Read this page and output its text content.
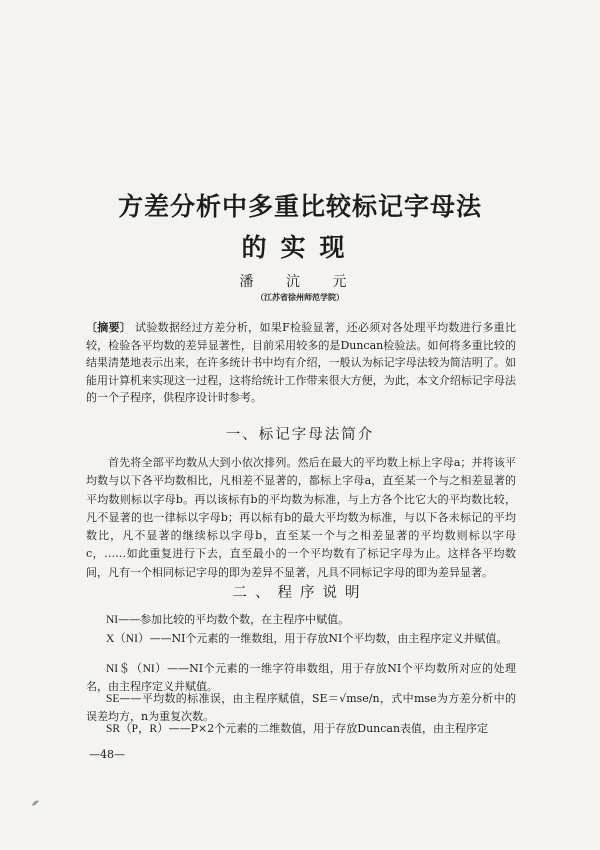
方差分析中多重比较标记字母法
的实现
潘 沆 元
（江苏省徐州师范学院）

〔摘要〕 试验数据经过方差分析，如果F检验显著，还必须对各处理平均数进行多重比较，检验各平均数的差异显著性，目前采用较多的是Duncan检验法。如何将多重比较的结果清楚地表示出来，在许多统计书中均有介绍，一般认为标记字母法较为简洁明了。如能用计算机来实现这一过程，这将给统计工作带来很大方便，为此，本文介绍标记字母法的一个子程序，供程序设计时参考。

一、标记字母法简介

首先将全部平均数从大到小依次排列。然后在最大的平均数上标上字母a；并将该平均数与以下各平均数相比，凡相差不显著的，都标上字母a，直至某一个与之相差显著的平均数则标以字母b。再以该标有b的平均数为标准，与上方各个比它大的平均数比较，凡不显著的也一律标以字母b；再以标有b的最大平均数为标准，与以下各未标记的平均数比，凡不显著的继续标以字母b，直至某一个与之相差显著的平均数则标以字母c，……如此重复进行下去，直至最小的一个平均数有了标记字母为止。这样各平均数间，凡有一个相同标记字母的即为差异不显著，凡具不同标记字母的即为差异显著。

二、程序说明

NI——参加比较的平均数个数，在主程序中赋值。

X（NI）——NI个元素的一维数组，用于存放NI个平均数，由主程序定义并赋值。

NI＄（NI）——NI个元素的一维字符串数组，用于存放NI个平均数所对应的处理名，由主程序定义并赋值。

SE——平均数的标准误，由主程序赋值，SE＝√mse/n，式中mse为方差分析中的误差均方，n为重复次数。

SR（P，R）——P×2个元素的二维数值，用于存放Duncan表值，由主程序定

—48—
